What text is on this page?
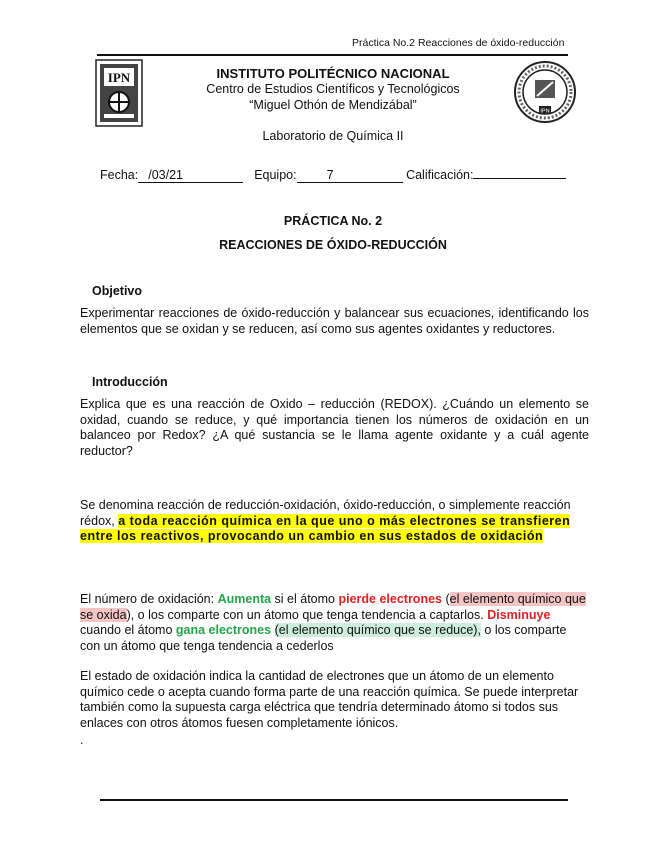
Práctica No.2 Reacciones de óxido-reducción
IPN
IPN
INSTITUTO POLITÉCNICO NACIONAL
Centro de Estudios Científicos y Tecnológicos
“Miguel Othón de Mendizábal”
Laboratorio de Química II
Fecha: /03/21	Equipo: 7	Calificación:
PRÁCTICA No. 2
REACCIONES DE ÓXIDO-REDUCCIÓN
Objetivo
Experimentar reacciones de óxido-reducción y balancear sus ecuaciones, identificando los elementos que se oxidan y se reducen, así como sus agentes oxidantes y reductores.
Introducción
Explica que es una reacción de Oxido – reducción (REDOX). ¿Cuándo un elemento se oxidad, cuando se reduce, y qué importancia tienen los números de oxidación en un balanceo por Redox? ¿A qué sustancia se le llama agente oxidante y a cuál agente reductor?
Se denomina reacción de reducción-oxidación, óxido-reducción, o simplemente reacción rédox, a toda reacción química en la que uno o más electrones se transfieren entre los reactivos, provocando un cambio en sus estados de oxidación
El número de oxidación: Aumenta si el átomo pierde electrones (el elemento químico que se oxida), o los comparte con un átomo que tenga tendencia a captarlos. Disminuye cuando el átomo gana electrones (el elemento químico que se reduce), o los comparte con un átomo que tenga tendencia a cederlos
El estado de oxidación indica la cantidad de electrones que un átomo de un elemento químico cede o acepta cuando forma parte de una reacción química. Se puede interpretar también como la supuesta carga eléctrica que tendría determinado átomo si todos sus enlaces con otros átomos fuesen completamente iónicos.
.
